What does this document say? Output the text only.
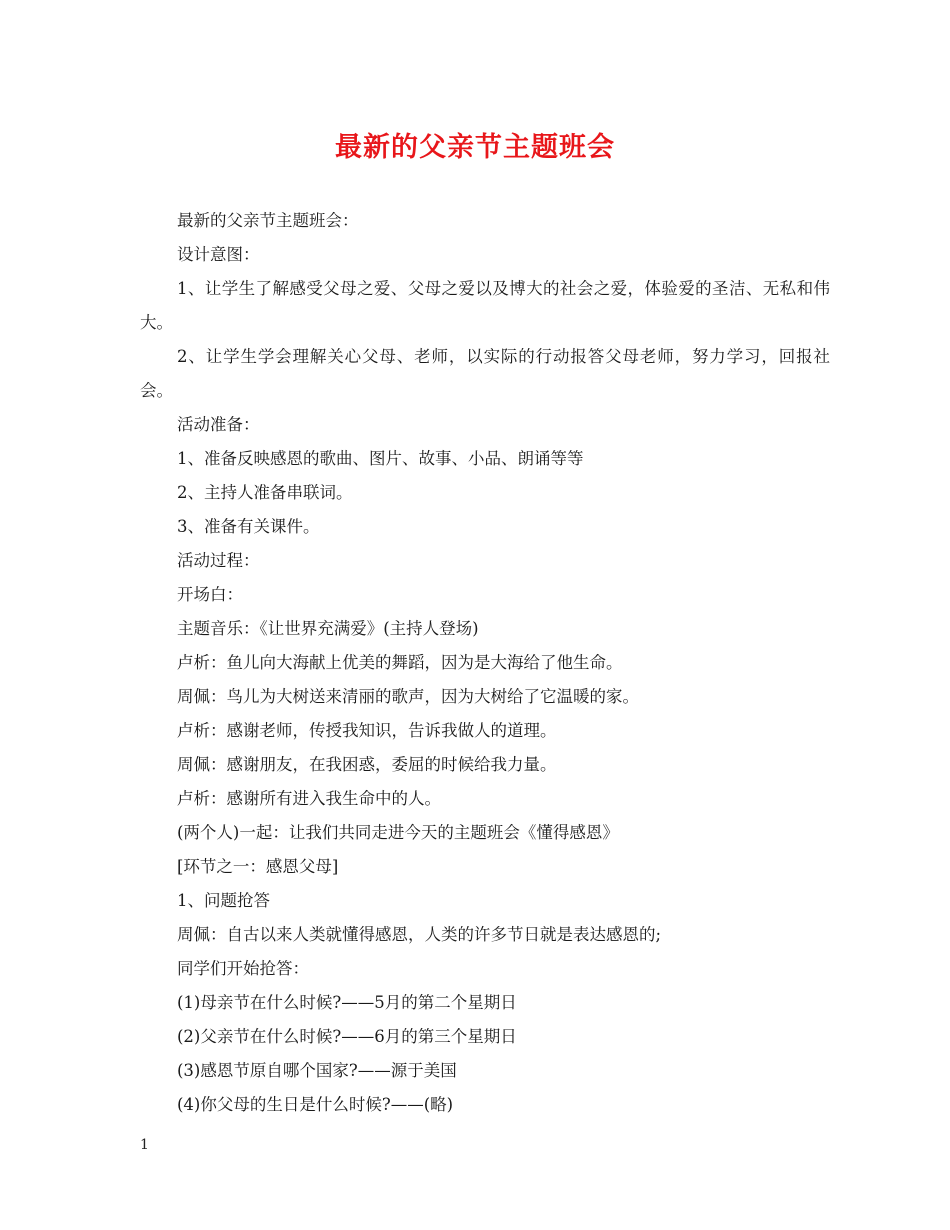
最新的父亲节主题班会

最新的父亲节主题班会：

设计意图：

1、让学生了解感受父母之爱、父母之爱以及博大的社会之爱，体验爱的圣洁、无私和伟大。

2、让学生学会理解关心父母、老师，以实际的行动报答父母老师，努力学习，回报社会。

活动准备：

1、准备反映感恩的歌曲、图片、故事、小品、朗诵等等

2、主持人准备串联词。

3、准备有关课件。

活动过程：

开场白：

主题音乐：《让世界充满爱》(主持人登场)

卢析：鱼儿向大海献上优美的舞蹈，因为是大海给了他生命。

周佩：鸟儿为大树送来清丽的歌声，因为大树给了它温暖的家。

卢析：感谢老师，传授我知识，告诉我做人的道理。

周佩：感谢朋友，在我困惑，委屈的时候给我力量。

卢析：感谢所有进入我生命中的人。

(两个人)一起：让我们共同走进今天的主题班会《懂得感恩》

[环节之一：感恩父母]

1、问题抢答

周佩：自古以来人类就懂得感恩，人类的许多节日就是表达感恩的;

同学们开始抢答：

(1)母亲节在什么时候?——5月的第二个星期日

(2)父亲节在什么时候?——6月的第三个星期日

(3)感恩节原自哪个国家?——源于美国

(4)你父母的生日是什么时候?——(略)

1
